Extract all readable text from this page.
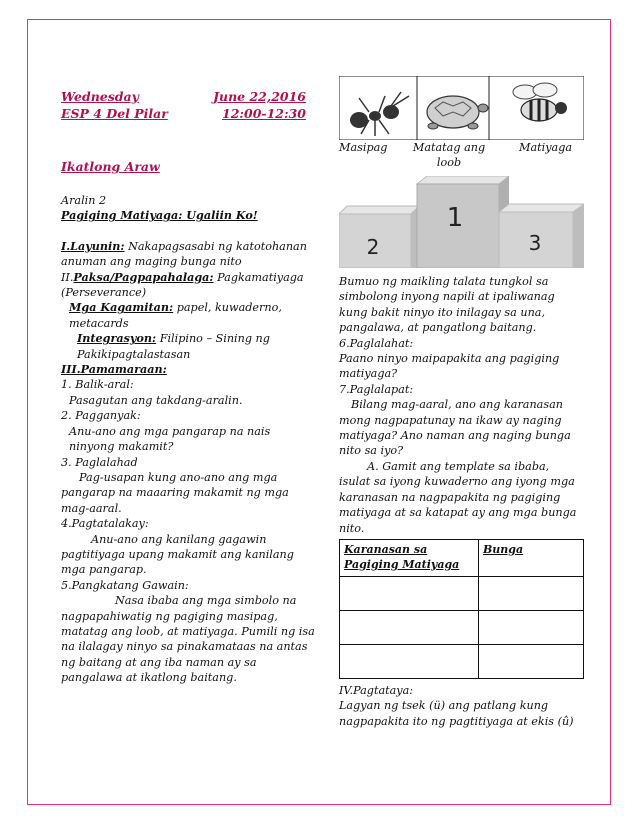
Wednesday	June 22,2016
ESP 4 Del Pilar	12:00-12:30
Ikatlong Araw
Aralin 2
Pagiging Matiyaga: Ugaliin Ko!
I.Layunin: Nakapagsasabi ng katotohanan anuman ang maging bunga nito
II.Paksa/Pagpapahalaga: Pagkamatiyaga (Perseverance)
Mga Kagamitan: papel, kuwaderno, metacards
Integrasyon: Filipino – Sining ng Pakikipagtalastasan
III.Pamamaraan:
1. Balik-aral:
Pasagutan ang takdang-aralin.
2. Pagganyak:
Anu-ano ang mga pangarap na nais ninyong makamit?
3. Paglalahad
Pag-usapan kung ano-ano ang mga pangarap na maaaring makamit ng mga mag-aaral.
4.Pagtatalakay:
Anu-ano ang kanilang gagawin pagtitiyaga upang makamit ang kanilang mga pangarap.
5.Pangkatang Gawain:
Nasa ibaba ang mga simbolo na nagpapahiwatig ng pagiging masipag, matatag ang loob, at matiyaga. Pumili ng isa na ilalagay ninyo sa pinakamataas na antas ng baitang at ang iba naman ay sa pangalawa at ikatlong baitang.
Masipag	Matatag ang loob
Matiyaga
2
1
3
Bumuo ng maikling talata tungkol sa simbolong inyong napili at ipaliwanag kung bakit ninyo ito inilagay sa una, pangalawa, at pangatlong baitang.
6.Paglalahat:
Paano ninyo maipapakita ang pagiging matiyaga?
7.Paglalapat:
Bilang mag-aaral, ano ang karanasan mong nagpapatunay na ikaw ay naging matiyaga? Ano naman ang naging bunga nito sa iyo?
A. Gamit ang template sa ibaba, isulat sa iyong kuwaderno ang iyong mga karanasan na nagpapakita ng pagiging matiyaga at sa katapat ay ang mga bunga nito.
Karanasan sa Pagiging Matiyaga	Bunga

IV.Pagtataya:
Lagyan ng tsek (ü) ang patlang kung nagpapakita ito ng pagtitiyaga at ekis (û)
